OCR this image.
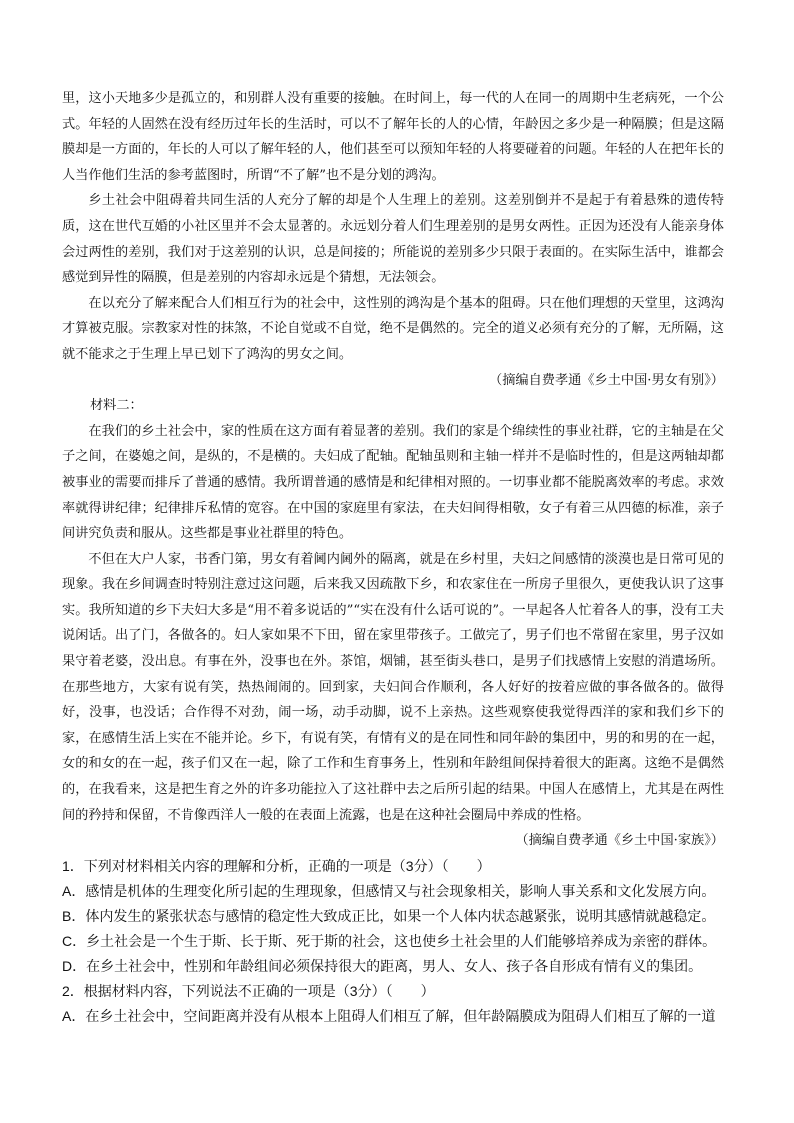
里，这小天地多少是孤立的，和别群人没有重要的接触。在时间上，每一代的人在同一的周期中生老病死，一个公式。年轻的人固然在没有经历过年长的生活时，可以不了解年长的人的心情，年龄因之多少是一种隔膜；但是这隔膜却是一方面的，年长的人可以了解年轻的人，他们甚至可以预知年轻的人将要碰着的问题。年轻的人在把年长的人当作他们生活的参考蓝图时，所谓“不了解”也不是分划的鸿沟。

乡土社会中阻碍着共同生活的人充分了解的却是个人生理上的差别。这差别倒并不是起于有着悬殊的遗传特质，这在世代互婚的小社区里并不会太显著的。永远划分着人们生理差别的是男女两性。正因为还没有人能亲身体会过两性的差别，我们对于这差别的认识，总是间接的；所能说的差别多少只限于表面的。在实际生活中，谁都会感觉到异性的隔膜，但是差别的内容却永远是个猜想，无法领会。

在以充分了解来配合人们相互行为的社会中，这性别的鸿沟是个基本的阻碍。只在他们理想的天堂里，这鸿沟才算被克服。宗教家对性的抹煞，不论自觉或不自觉，绝不是偶然的。完全的道义必须有充分的了解，无所隔，这就不能求之于生理上早已划下了鸿沟的男女之间。

（摘编自费孝通《乡土中国·男女有别》）

材料二：

在我们的乡土社会中，家的性质在这方面有着显著的差别。我们的家是个绵续性的事业社群，它的主轴是在父子之间，在婆媳之间，是纵的，不是横的。夫妇成了配轴。配轴虽则和主轴一样并不是临时性的，但是这两轴却都被事业的需要而排斥了普通的感情。我所谓普通的感情是和纪律相对照的。一切事业都不能脱离效率的考虑。求效率就得讲纪律；纪律排斥私情的宽容。在中国的家庭里有家法，在夫妇间得相敬，女子有着三从四德的标准，亲子间讲究负责和服从。这些都是事业社群里的特色。

不但在大户人家，书香门第，男女有着阃内阃外的隔离，就是在乡村里，夫妇之间感情的淡漠也是日常可见的现象。我在乡间调查时特别注意过这问题，后来我又因疏散下乡，和农家住在一所房子里很久，更使我认识了这事实。我所知道的乡下夫妇大多是“用不着多说话的”“实在没有什么话可说的”。一早起各人忙着各人的事，没有工夫说闲话。出了门，各做各的。妇人家如果不下田，留在家里带孩子。工做完了，男子们也不常留在家里，男子汉如果守着老婆，没出息。有事在外，没事也在外。茶馆，烟铺，甚至街头巷口，是男子们找感情上安慰的消遣场所。在那些地方，大家有说有笑，热热闹闹的。回到家，夫妇间合作顺利，各人好好的按着应做的事各做各的。做得好，没事，也没话；合作得不对劲，闹一场，动手动脚，说不上亲热。这些观察使我觉得西洋的家和我们乡下的家，在感情生活上实在不能并论。乡下，有说有笑，有情有义的是在同性和同年龄的集团中，男的和男的在一起，女的和女的在一起，孩子们又在一起，除了工作和生育事务上，性别和年龄组间保持着很大的距离。这绝不是偶然的，在我看来，这是把生育之外的许多功能拉入了这社群中去之后所引起的结果。中国人在感情上，尤其是在两性间的矜持和保留，不肯像西洋人一般的在表面上流露，也是在这种社会圈局中养成的性格。

（摘编自费孝通《乡土中国·家族》）

1．下列对材料相关内容的理解和分析，正确的一项是（3分）（　　）

A．感情是机体的生理变化所引起的生理现象，但感情又与社会现象相关，影响人事关系和文化发展方向。

B．体内发生的紧张状态与感情的稳定性大致成正比，如果一个人体内状态越紧张，说明其感情就越稳定。

C．乡土社会是一个生于斯、长于斯、死于斯的社会，这也使乡土社会里的人们能够培养成为亲密的群体。

D．在乡土社会中，性别和年龄组间必须保持很大的距离，男人、女人、孩子各自形成有情有义的集团。

2．根据材料内容，下列说法不正确的一项是（3分）（　　）

A．在乡土社会中，空间距离并没有从根本上阻碍人们相互了解，但年龄隔膜成为阻碍人们相互了解的一道
